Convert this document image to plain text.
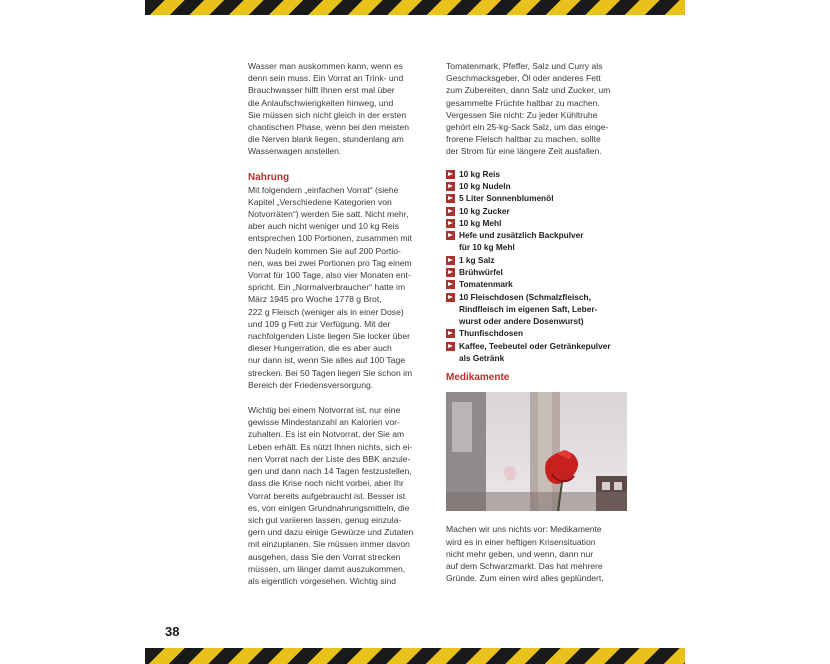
Wasser man auskommen kann, wenn es
denn sein muss. Ein Vorrat an Trink- und
Brauchwasser hilft Ihnen erst mal über
die Anlaufschwierigkeiten hinweg, und
Sie müssen sich nicht gleich in der ersten
chaotischen Phase, wenn bei den meisten
die Nerven blank liegen, stundenlang am
Wasserwagen anstellen.

Nahrung

Mit folgendem „einfachen Vorrat“ (siehe
Kapitel „Verschiedene Kategorien von
Notvorräten“) werden Sie satt. Nicht mehr,
aber auch nicht weniger und 10 kg Reis
entsprechen 100 Portionen, zusammen mit
den Nudeln kommen Sie auf 200 Portio-
nen, was bei zwei Portionen pro Tag einem
Vorrat für 100 Tage, also vier Monaten ent-
spricht. Ein „Normalverbraucher“ hatte im
März 1945 pro Woche 1778 g Brot,
222 g Fleisch (weniger als in einer Dose)
und 109 g Fett zur Verfügung. Mit der
nachfolgenden Liste liegen Sie locker über
dieser Hungerration, die es aber auch
nur dann ist, wenn Sie alles auf 100 Tage
strecken. Bei 50 Tagen liegen Sie schon im
Bereich der Friedensversorgung.

Wichtig bei einem Notvorrat ist, nur eine
gewisse Mindestanzahl an Kalorien vor-
zuhalten. Es ist ein Notvorrat, der Sie am
Leben erhält. Es nützt Ihnen nichts, sich ei-
nen Vorrat nach der Liste des BBK anzule-
gen und dann nach 14 Tagen festzustellen,
dass die Krise noch nicht vorbei, aber Ihr
Vorrat bereits aufgebraucht ist. Besser ist
es, von einigen Grundnahrungsmitteln, die
sich gut variieren lassen, genug einzula-
gern und dazu einige Gewürze und Zutaten
mit einzuplanen. Sie müssen immer davon
ausgehen, dass Sie den Vorrat strecken
müssen, um länger damit auszukommen,
als eigentlich vorgesehen. Wichtig sind

Tomatenmark, Pfeffer, Salz und Curry als
Geschmacksgeber, Öl oder anderes Fett
zum Zubereiten, dann Salz und Zucker, um
gesammelte Früchte haltbar zu machen.
Vergessen Sie nicht: Zu jeder Kühltruhe
gehört ein 25-kg-Sack Salz, um das einge-
frorene Fleisch haltbar zu machen, sollte
der Strom für eine längere Zeit ausfallen.

10 kg Reis
10 kg Nudeln
5 Liter Sonnenblumenöl
10 kg Zucker
10 kg Mehl
Hefe und zusätzlich Backpulver
für 10 kg Mehl
1 kg Salz
Brühwürfel
Tomatenmark
10 Fleischdosen (Schmalzfleisch,
Rindfleisch im eigenen Saft, Leber-
wurst oder andere Dosenwurst)
Thunfischdosen
Kaffee, Teebeutel oder Getränkepulver
als Getränk
Medikamente

Machen wir uns nichts vor: Medikamente
wird es in einer heftigen Krisensituation
nicht mehr geben, und wenn, dann nur
auf dem Schwarzmarkt. Das hat mehrere
Gründe. Zum einen wird alles geplündert,

38
